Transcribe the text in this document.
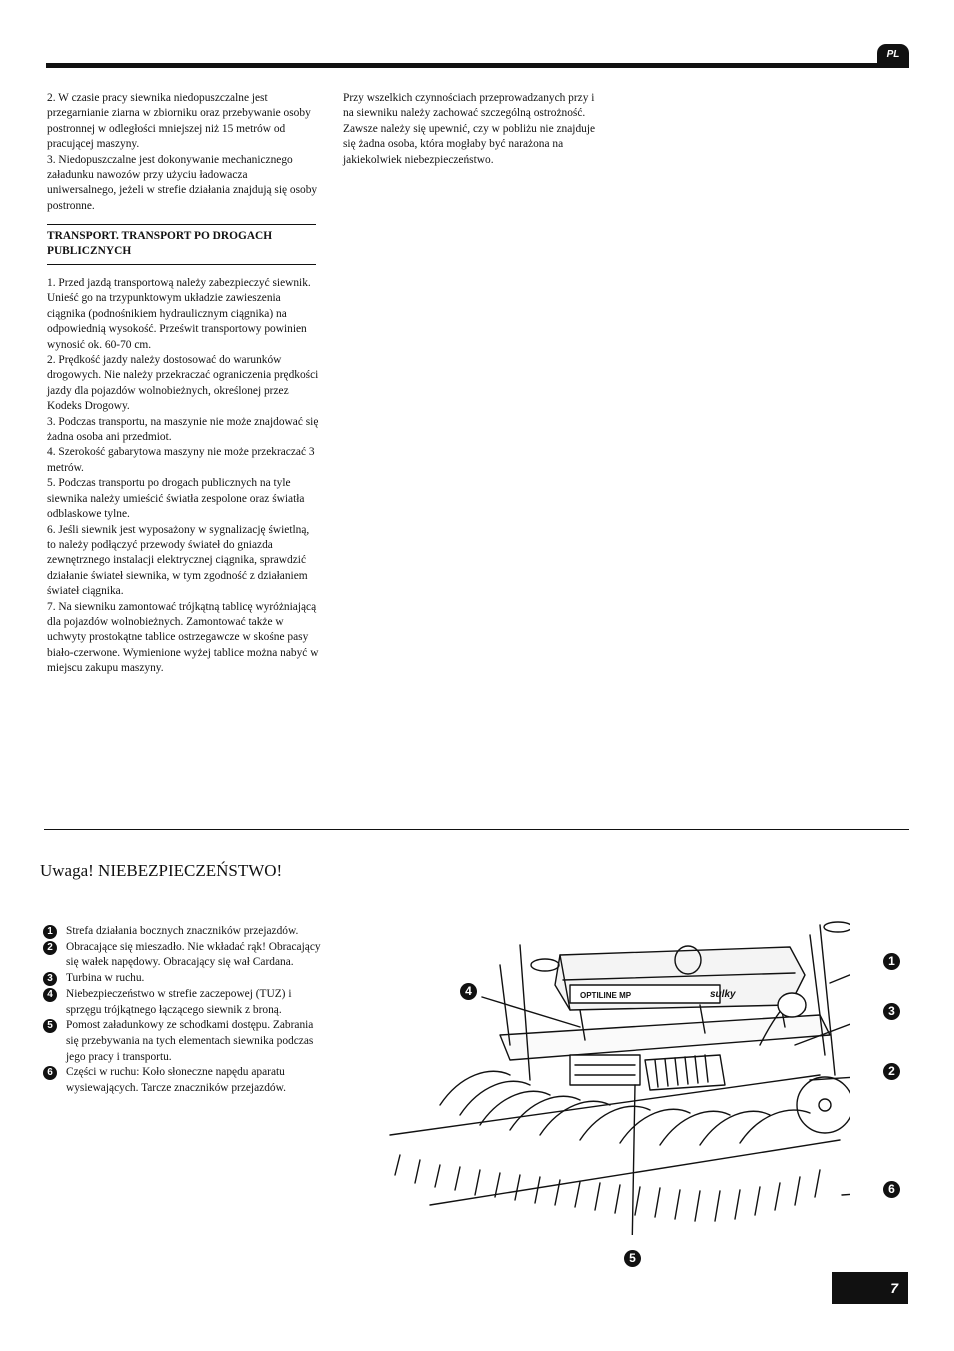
PL

2. W czasie pracy siewnika niedopuszczalne jest przegarnianie ziarna w zbiorniku oraz przebywanie osoby postronnej w odległości mniejszej niż 15 metrów od pracującej maszyny.

3. Niedopuszczalne jest dokonywanie mechanicznego załadunku nawozów przy użyciu ładowacza uniwersalnego, jeżeli w strefie działania znajdują się osoby postronne.

TRANSPORT. TRANSPORT PO DROGACH PUBLICZNYCH

1. Przed jazdą transportową należy zabezpieczyć siewnik. Unieść go na trzypunktowym układzie zawieszenia ciągnika (podnośnikiem hydraulicznym ciągnika) na odpowiednią wysokość. Prześwit transportowy powinien wynosić ok. 60-70 cm.

2. Prędkość jazdy należy dostosować do warunków drogowych. Nie należy przekraczać ograniczenia prędkości jazdy dla pojazdów wolnobieżnych, określonej przez Kodeks Drogowy.

3. Podczas transportu, na maszynie nie może znajdować się żadna osoba ani przedmiot.

4. Szerokość gabarytowa maszyny nie może przekraczać 3 metrów.

5. Podczas transportu po drogach publicznych na tyle siewnika należy umieścić światła zespolone oraz światła odblaskowe tylne.

6. Jeśli siewnik jest wyposażony w sygnalizację świetlną, to należy podłączyć przewody świateł do gniazda zewnętrznego instalacji elektrycznej ciągnika, sprawdzić działanie świateł siewnika, w tym zgodność z działaniem świateł ciągnika.

7. Na siewniku zamontować trójkątną tablicę wyróżniającą dla pojazdów wolnobieżnych. Zamontować także w uchwyty prostokątne tablice ostrzegawcze w skośne pasy biało-czerwone. Wymienione wyżej tablice można nabyć w miejscu zakupu maszyny.

Przy wszelkich czynnościach przeprowadzanych przy i na siewniku należy zachować szczególną ostrożność. Zawsze należy się upewnić, czy w pobliżu nie znajduje się żadna osoba, która mogłaby być narażona na jakiekolwiek niebezpieczeństwo.

Uwaga! NIEBEZPIECZEŃSTWO!
1	Strefa działania bocznych znaczników przejazdów.
2	Obracające się mieszadło. Nie wkładać rąk! Obracający się wałek napędowy. Obracający się wał Cardana.
3	Turbina w ruchu.
4	Niebezpieczeństwo w strefie zaczepowej (TUZ) i sprzęgu trójkątnego łączącego siewnik z broną.
5	Pomost załadunkowy ze schodkami dostępu. Zabrania się przebywania na tych elementach siewnika podczas jego pracy i transportu.
6	Części w ruchu: Koło słoneczne napędu aparatu wysiewających. Tarcze znaczników przejazdów.
OPTILINE MP	sulky
1
3
2
6
4
5
7
